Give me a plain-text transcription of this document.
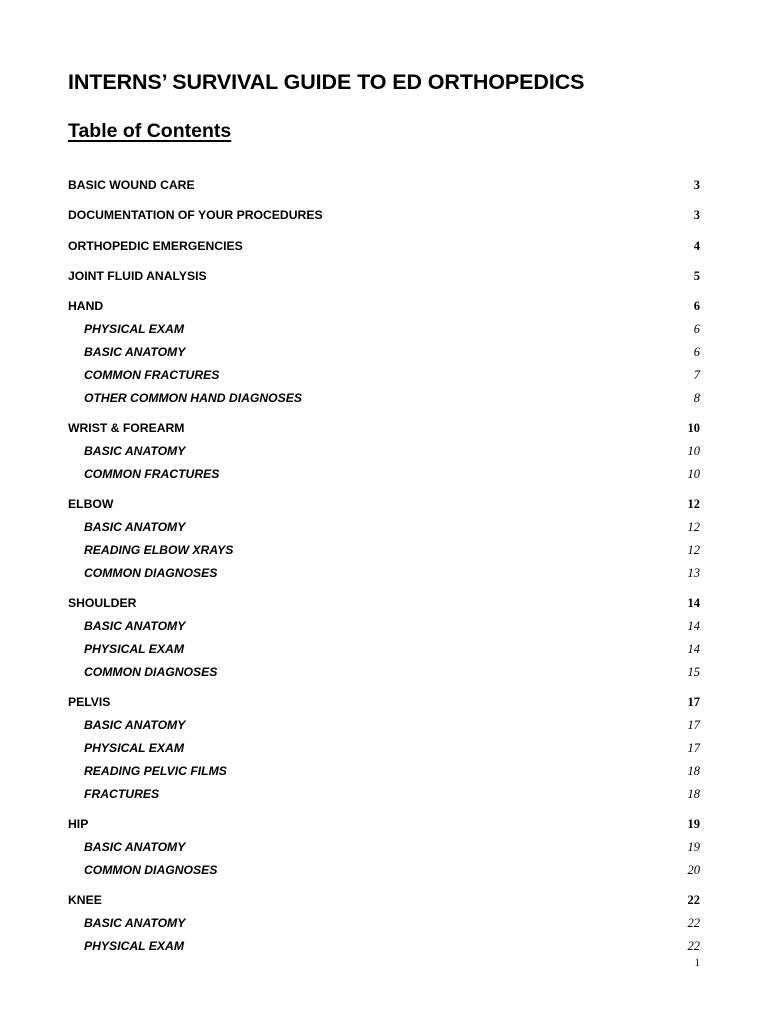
INTERNS’ SURVIVAL GUIDE TO ED ORTHOPEDICS
Table of Contents
BASIC WOUND CARE	3
DOCUMENTATION OF YOUR PROCEDURES	3
ORTHOPEDIC EMERGENCIES	4
JOINT FLUID ANALYSIS	5
HAND	6
PHYSICAL EXAM	6
BASIC ANATOMY	6
COMMON FRACTURES	7
OTHER COMMON HAND DIAGNOSES	8
WRIST & FOREARM	10
BASIC ANATOMY	10
COMMON FRACTURES	10
ELBOW	12
BASIC ANATOMY	12
READING ELBOW XRAYS	12
COMMON DIAGNOSES	13
SHOULDER	14
BASIC ANATOMY	14
PHYSICAL EXAM	14
COMMON DIAGNOSES	15
PELVIS	17
BASIC ANATOMY	17
PHYSICAL EXAM	17
READING PELVIC FILMS	18
FRACTURES	18
HIP	19
BASIC ANATOMY	19
COMMON DIAGNOSES	20
KNEE	22
BASIC ANATOMY	22
PHYSICAL EXAM	22
1
